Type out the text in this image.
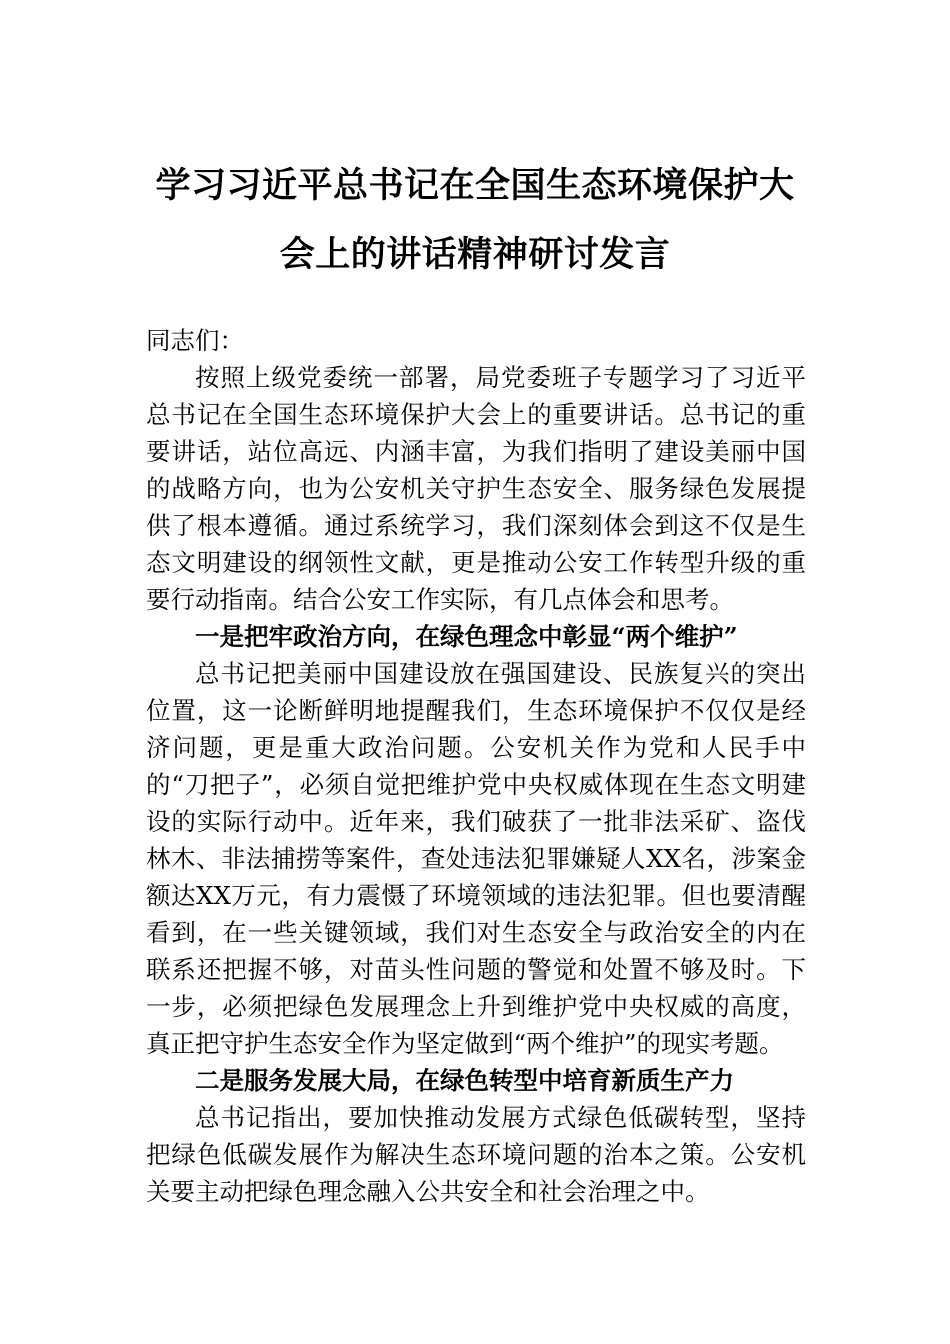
学习习近平总书记在全国生态环境保护大
会上的讲话精神研讨发言

同志们：

按照上级党委统一部署，局党委班子专题学习了习近平总书记在全国生态环境保护大会上的重要讲话。总书记的重要讲话，站位高远、内涵丰富，为我们指明了建设美丽中国的战略方向，也为公安机关守护生态安全、服务绿色发展提供了根本遵循。通过系统学习，我们深刻体会到这不仅是生态文明建设的纲领性文献，更是推动公安工作转型升级的重要行动指南。结合公安工作实际，有几点体会和思考。

一是把牢政治方向，在绿色理念中彰显“两个维护”

总书记把美丽中国建设放在强国建设、民族复兴的突出位置，这一论断鲜明地提醒我们，生态环境保护不仅仅是经济问题，更是重大政治问题。公安机关作为党和人民手中的“刀把子”，必须自觉把维护党中央权威体现在生态文明建设的实际行动中。近年来，我们破获了一批非法采矿、盗伐林木、非法捕捞等案件，查处违法犯罪嫌疑人XX名，涉案金额达XX万元，有力震慑了环境领域的违法犯罪。但也要清醒看到，在一些关键领域，我们对生态安全与政治安全的内在联系还把握不够，对苗头性问题的警觉和处置不够及时。下一步，必须把绿色发展理念上升到维护党中央权威的高度，真正把守护生态安全作为坚定做到“两个维护”的现实考题。

二是服务发展大局，在绿色转型中培育新质生产力

总书记指出，要加快推动发展方式绿色低碳转型，坚持把绿色低碳发展作为解决生态环境问题的治本之策。公安机关要主动把绿色理念融入公共安全和社会治理之中。
